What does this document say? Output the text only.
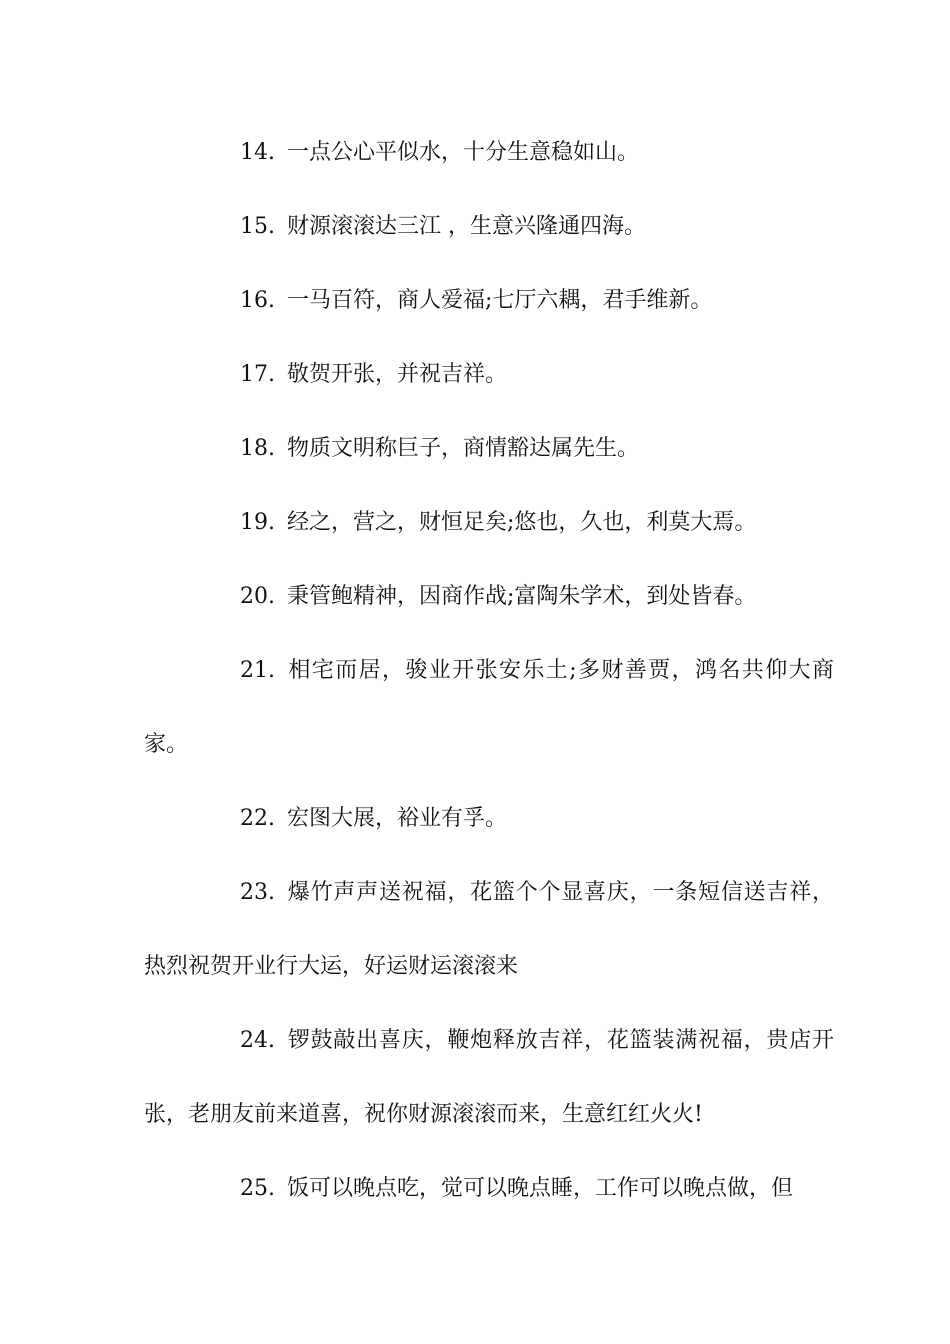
14. 一点公心平似水，十分生意稳如山。

15. 财源滚滚达三江 ，生意兴隆通四海。

16. 一马百符，商人爱福;七厅六耦，君手维新。

17. 敬贺开张，并祝吉祥。

18. 物质文明称巨子，商情豁达属先生。

19. 经之，营之，财恒足矣;悠也，久也，利莫大焉。

20. 秉管鲍精神，因商作战;富陶朱学术，到处皆春。

21. 相宅而居，骏业开张安乐土;多财善贾，鸿名共仰大商家。

22. 宏图大展，裕业有孚。

23. 爆竹声声送祝福，花篮个个显喜庆，一条短信送吉祥，热烈祝贺开业行大运，好运财运滚滚来

24. 锣鼓敲出喜庆，鞭炮释放吉祥，花篮装满祝福，贵店开张，老朋友前来道喜，祝你财源滚滚而来，生意红红火火!

25. 饭可以晚点吃，觉可以晚点睡，工作可以晚点做，但
